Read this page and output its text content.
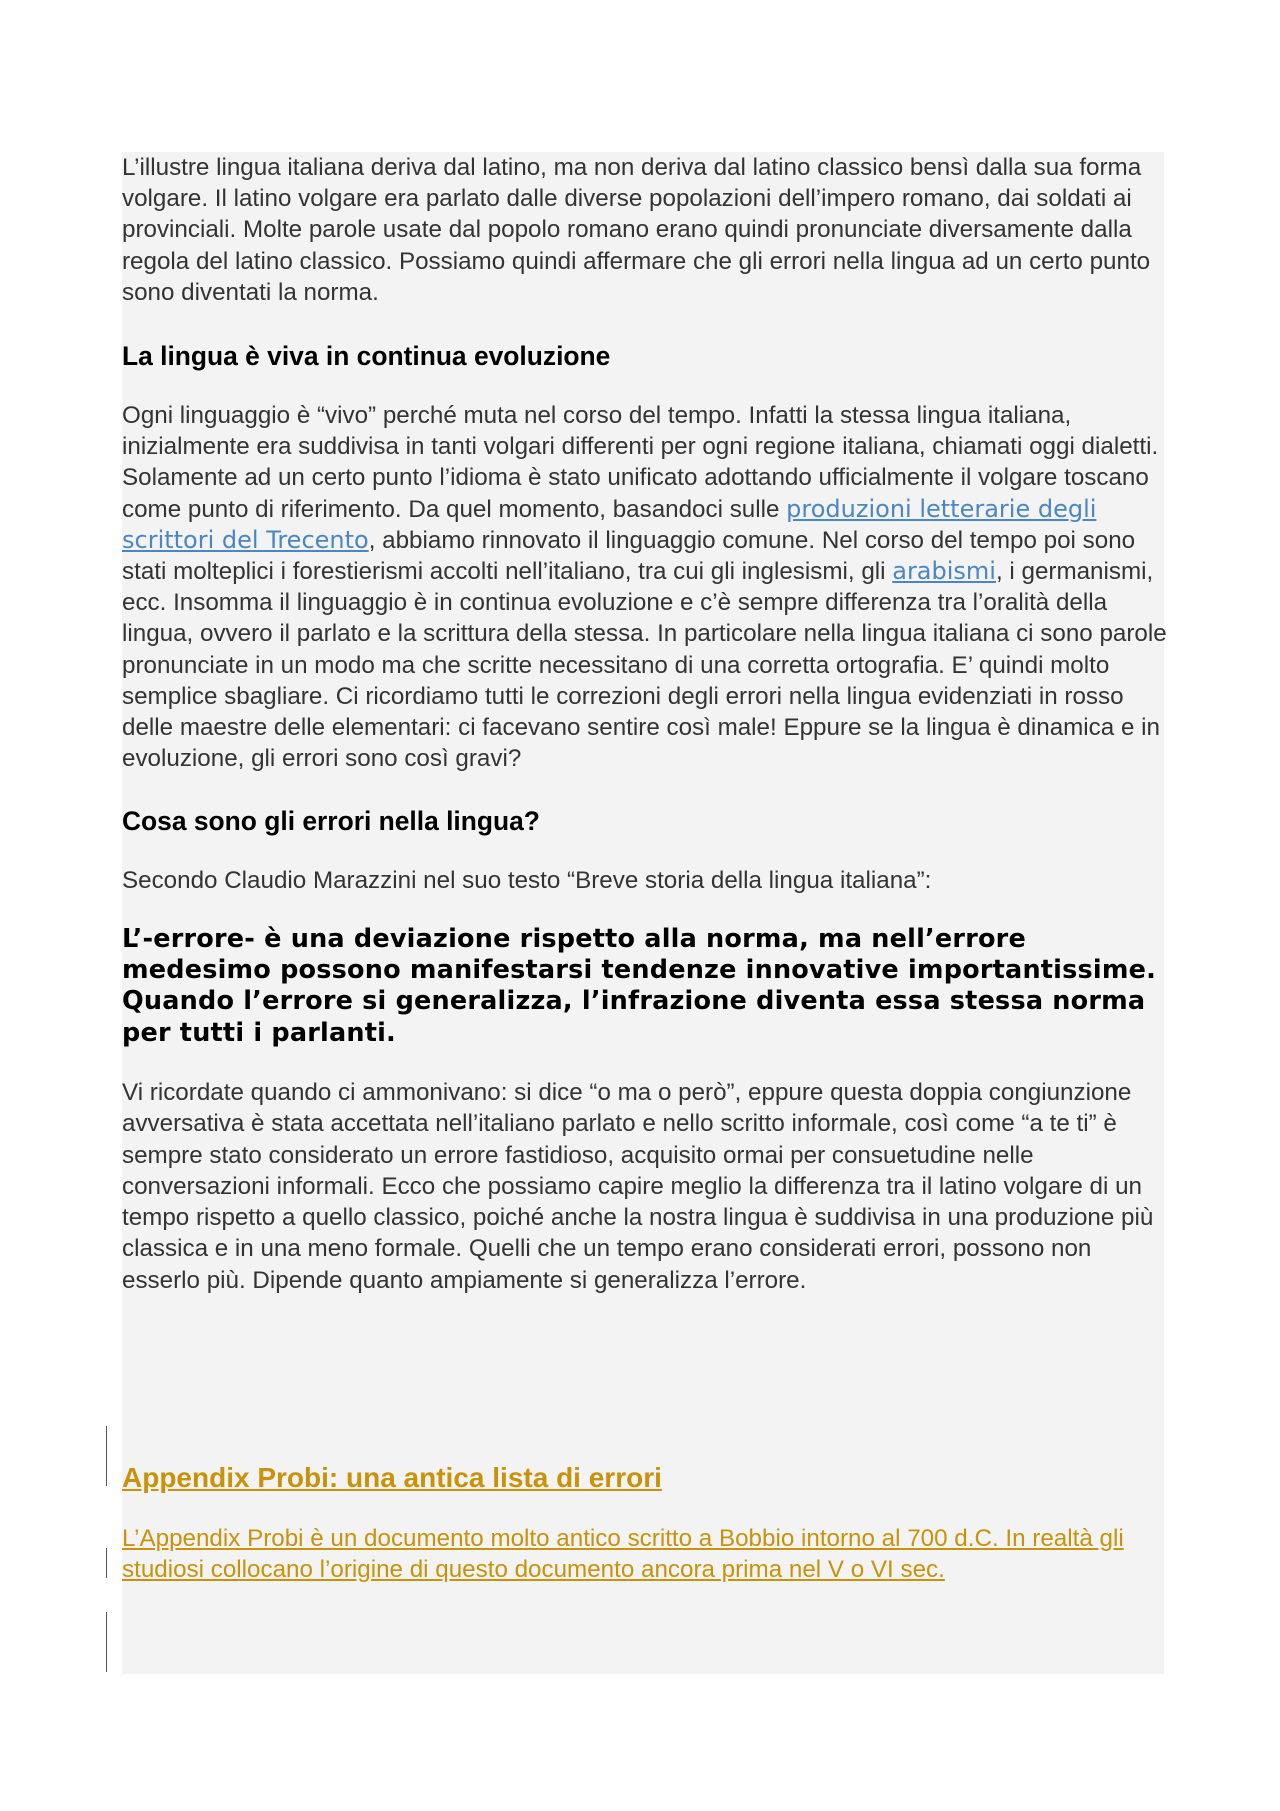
L’illustre lingua italiana deriva dal latino, ma non deriva dal latino classico bensì dalla sua forma volgare. Il latino volgare era parlato dalle diverse popolazioni dell’impero romano, dai soldati ai provinciali. Molte parole usate dal popolo romano erano quindi pronunciate diversamente dalla regola del latino classico. Possiamo quindi affermare che gli errori nella lingua ad un certo punto sono diventati la norma.

La lingua è viva in continua evoluzione

Ogni linguaggio è “vivo” perché muta nel corso del tempo. Infatti la stessa lingua italiana, inizialmente era suddivisa in tanti volgari differenti per ogni regione italiana, chiamati oggi dialetti. Solamente ad un certo punto l’idioma è stato unificato adottando ufficialmente il volgare toscano come punto di riferimento. Da quel momento, basandoci sulle produzioni letterarie degli scrittori del Trecento, abbiamo rinnovato il linguaggio comune. Nel corso del tempo poi sono stati molteplici i forestierismi accolti nell’italiano, tra cui gli inglesismi, gli arabismi, i germanismi, ecc. Insomma il linguaggio è in continua evoluzione e c’è sempre differenza tra l’oralità della lingua, ovvero il parlato e la scrittura della stessa. In particolare nella lingua italiana ci sono parole pronunciate in un modo ma che scritte necessitano di una corretta ortografia. E’ quindi molto semplice sbagliare. Ci ricordiamo tutti le correzioni degli errori nella lingua evidenziati in rosso delle maestre delle elementari: ci facevano sentire così male! Eppure se la lingua è dinamica e in evoluzione, gli errori sono così gravi?

Cosa sono gli errori nella lingua?

Secondo Claudio Marazzini nel suo testo “Breve storia della lingua italiana”:

L’-errore- è una deviazione rispetto alla norma, ma nell’errore medesimo possono manifestarsi tendenze innovative importantissime. Quando l’errore si generalizza, l’infrazione diventa essa stessa norma per tutti i parlanti.

Vi ricordate quando ci ammonivano: si dice “o ma o però”, eppure questa doppia congiunzione avversativa è stata accettata nell’italiano parlato e nello scritto informale, così come “a te ti” è sempre stato considerato un errore fastidioso, acquisito ormai per consuetudine nelle conversazioni informali. Ecco che possiamo capire meglio la differenza tra il latino volgare di un tempo rispetto a quello classico, poiché anche la nostra lingua è suddivisa in una produzione più classica e in una meno formale. Quelli che un tempo erano considerati errori, possono non esserlo più. Dipende quanto ampiamente si generalizza l’errore.

Appendix Probi: una antica lista di errori

L’Appendix Probi è un documento molto antico scritto a Bobbio intorno al 700 d.C. In realtà gli studiosi collocano l’origine di questo documento ancora prima nel V o VI sec.
